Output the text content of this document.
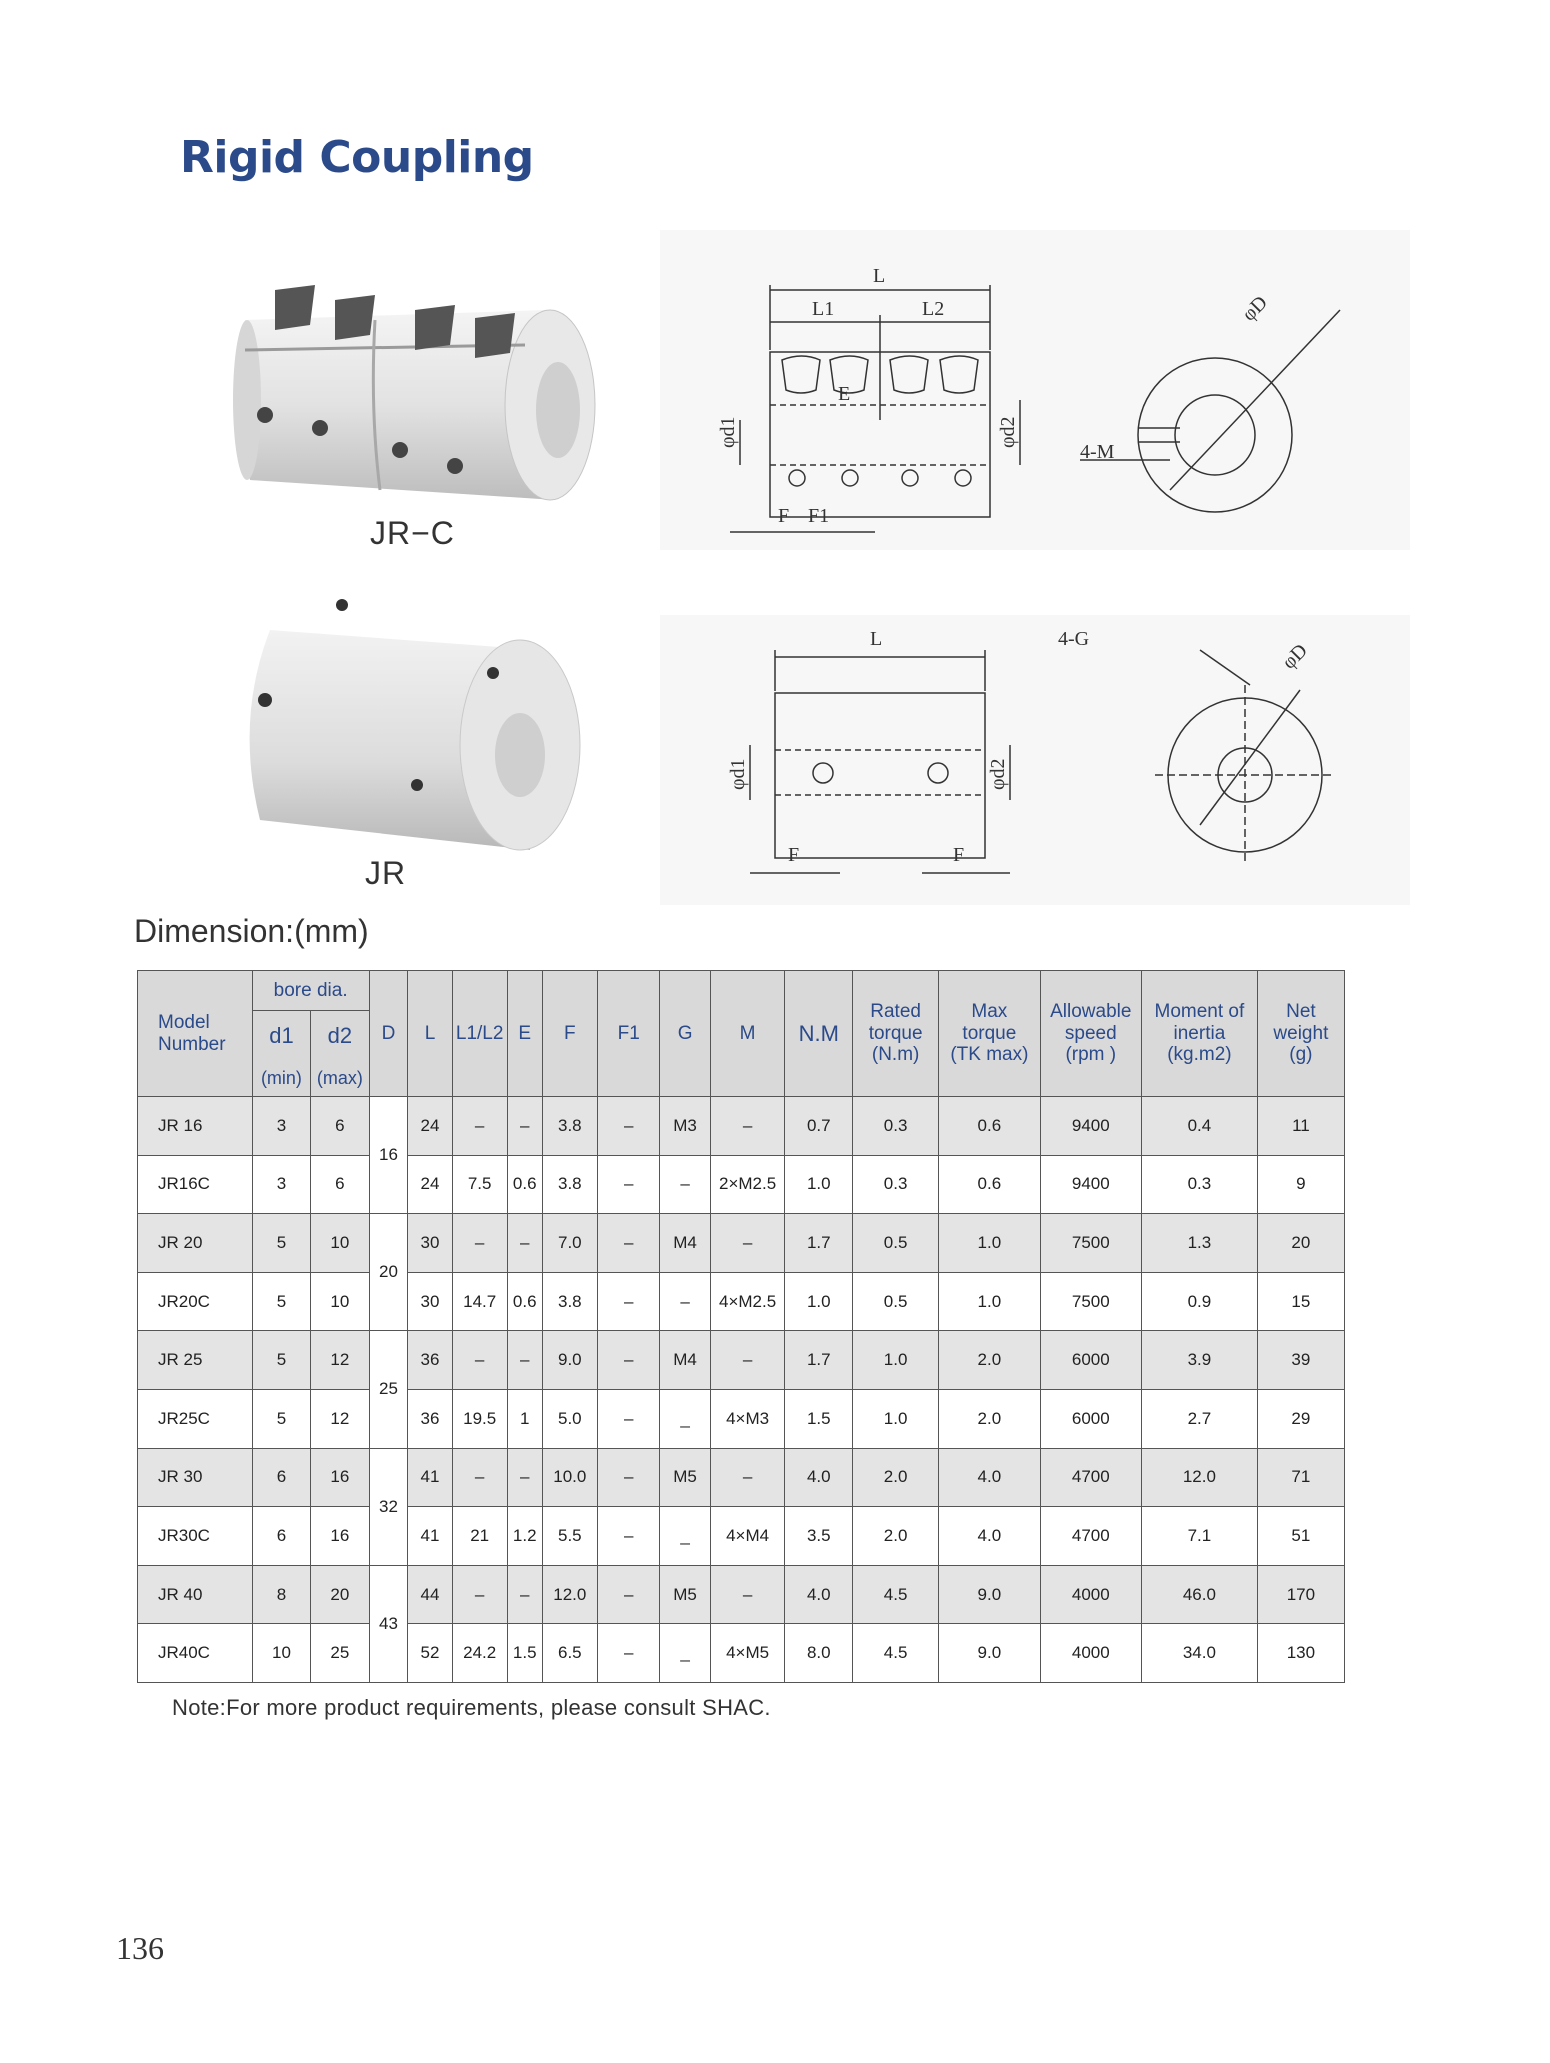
Rigid Coupling
JR−C
JR
L
L1	L2
E
φd1	φd2
F F1
4-M
φD
L
φd1	φd2
F	F
4-G
φD
Dimension:(mm)
Model
Number	bore dia.		D	L	L1/L2	E	F	F1	G	M	N.M	Rated
torque
(N.m)	Max
torque
(TK max)	Allowable
speed
(rpm )	Moment of
inertia
(kg.m2)	Net
weight
(g)
	d1	d2														
	(min)	(max)														
JR 16	3	6	16	24	–	–	3.8	–	M3	–	0.7	0.3	0.6	9400	0.4	11
JR16C	3	6		24	7.5	0.6	3.8	–	–	2×M2.5	1.0	0.3	0.6	9400	0.3	9
JR 20	5	10	20	30	–	–	7.0	–	M4	–	1.7	0.5	1.0	7500	1.3	20
JR20C	5	10		30	14.7	0.6	3.8	–	–	4×M2.5	1.0	0.5	1.0	7500	0.9	15
JR 25	5	12	25	36	–	–	9.0	–	M4	–	1.7	1.0	2.0	6000	3.9	39
JR25C	5	12		36	19.5	1	5.0	–	_	4×M3	1.5	1.0	2.0	6000	2.7	29
JR 30	6	16	32	41	–	–	10.0	–	M5	–	4.0	2.0	4.0	4700	12.0	71
JR30C	6	16		41	21	1.2	5.5	–	_	4×M4	3.5	2.0	4.0	4700	7.1	51
JR 40	8	20	43	44	–	–	12.0	–	M5	–	4.0	4.5	9.0	4000	46.0	170
JR40C	10	25		52	24.2	1.5	6.5	–	_	4×M5	8.0	4.5	9.0	4000	34.0	130
Note:For more product requirements, please consult SHAC.
136
